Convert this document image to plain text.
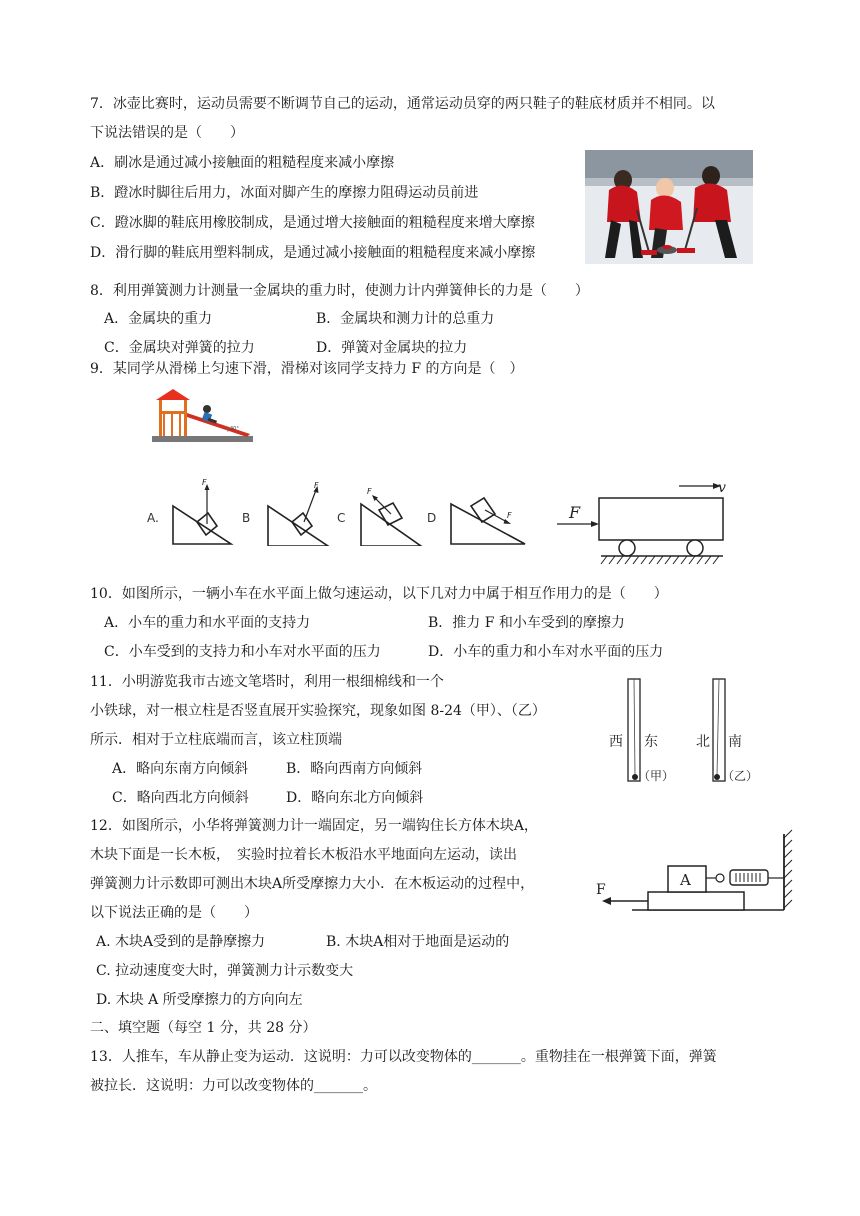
7．冰壶比赛时，运动员需要不断调节自己的运动，通常运动员穿的两只鞋子的鞋底材质并不相同。以
下说法错误的是（　　）
A．刷冰是通过减小接触面的粗糙程度来减小摩擦
B．蹬冰时脚往后用力，冰面对脚产生的摩擦力阻碍运动员前进
C．蹬冰脚的鞋底用橡胶制成，是通过增大接触面的粗糙程度来增大摩擦
D．滑行脚的鞋底用塑料制成，是通过减小接触面的粗糙程度来减小摩擦
8．利用弹簧测力计测量一金属块的重力时，使测力计内弹簧伸长的力是（　　）
A．金属块的重力	B．金属块和测力计的总重力
C．金属块对弹簧的拉力	D．弹簧对金属块的拉力
9．某同学从滑梯上匀速下滑，滑梯对该同学支持力 F 的方向是（　）
30°
A.
F
B
F
C
F
D	F
v
F
10．如图所示，一辆小车在水平面上做匀速运动，以下几对力中属于相互作用力的是（　　）
A．小车的重力和水平面的支持力	B．推力 F 和小车受到的摩擦力
C．小车受到的支持力和小车对水平面的压力	D．小车的重力和小车对水平面的压力
11．小明游览我市古迹文笔塔时，利用一根细棉线和一个
小铁球，对一根立柱是否竖直展开实验探究，现象如图 8-24（甲）、（乙）
所示．相对于立柱底端而言，该立柱顶端
A．略向东南方向倾斜	B．略向西南方向倾斜
C．略向西北方向倾斜	D．略向东北方向倾斜
西 东
（甲）
北 南
（乙）
12．如图所示，小华将弹簧测力计一端固定，另一端钩住长方体木块A，
木块下面是一长木板，　实验时拉着长木板沿水平地面向左运动，读出
弹簧测力计示数即可测出木块A所受摩擦力大小．在木板运动的过程中，
以下说法正确的是（　　）
A. 木块A受到的是静摩擦力	B. 木块A相对于地面是运动的
C. 拉动速度变大时，弹簧测力计示数变大
D. 木块 A 所受摩擦力的方向向左
A
F
二、填空题（每空 1 分，共 28 分）
13．人推车，车从静止变为运动．这说明：力可以改变物体的_______。重物挂在一根弹簧下面，弹簧
被拉长．这说明：力可以改变物体的_______。
